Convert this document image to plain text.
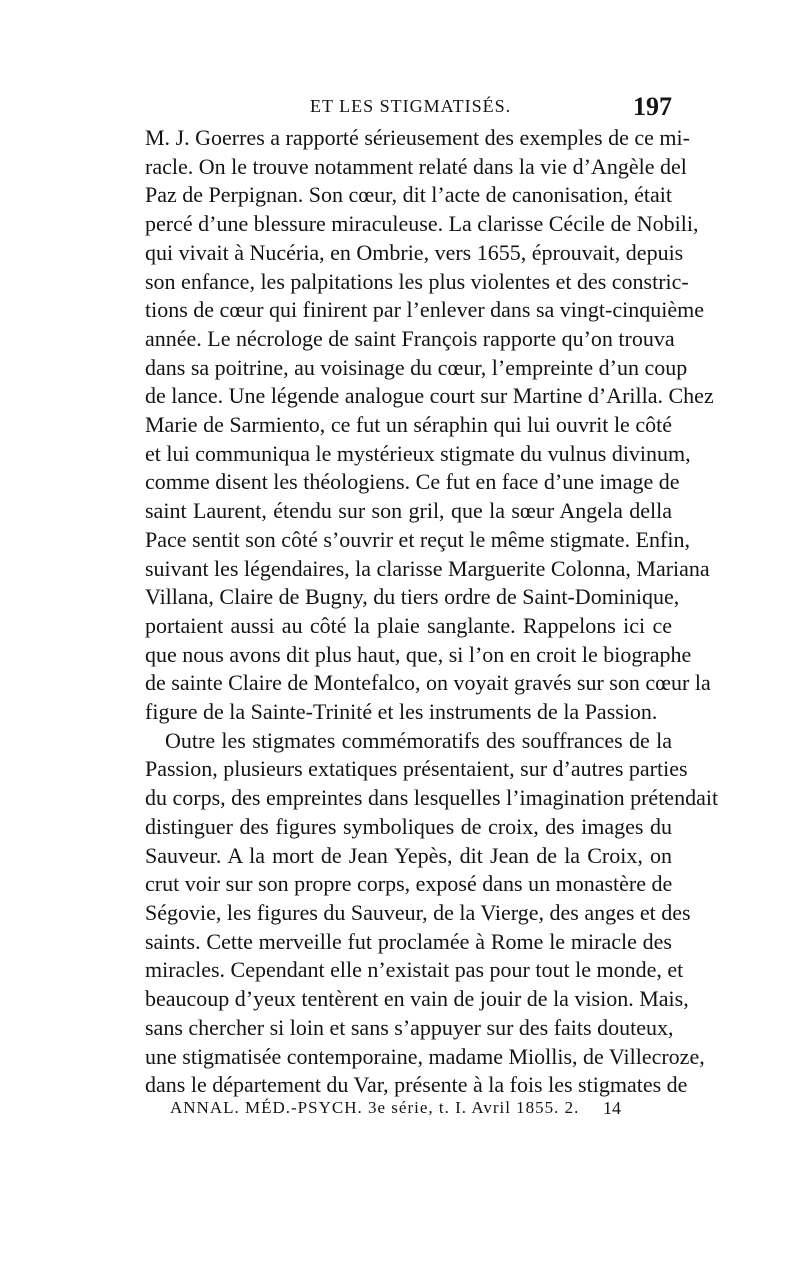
ET LES STIGMATISÉS.	197
M. J. Goerres a rapporté sérieusement des exemples de ce mi-
racle. On le trouve notamment relaté dans la vie d’Angèle del
Paz de Perpignan. Son cœur, dit l’acte de canonisation, était
percé d’une blessure miraculeuse. La clarisse Cécile de Nobili,
qui vivait à Nucéria, en Ombrie, vers 1655, éprouvait, depuis
son enfance, les palpitations les plus violentes et des constric-
tions de cœur qui finirent par l’enlever dans sa vingt-cinquième
année. Le nécrologe de saint François rapporte qu’on trouva
dans sa poitrine, au voisinage du cœur, l’empreinte d’un coup
de lance. Une légende analogue court sur Martine d’Arilla. Chez
Marie de Sarmiento, ce fut un séraphin qui lui ouvrit le côté
et lui communiqua le mystérieux stigmate du vulnus divinum,
comme disent les théologiens. Ce fut en face d’une image de
saint Laurent, étendu sur son gril, que la sœur Angela della
Pace sentit son côté s’ouvrir et reçut le même stigmate. Enfin,
suivant les légendaires, la clarisse Marguerite Colonna, Mariana
Villana, Claire de Bugny, du tiers ordre de Saint-Dominique,
portaient aussi au côté la plaie sanglante. Rappelons ici ce
que nous avons dit plus haut, que, si l’on en croit le biographe
de sainte Claire de Montefalco, on voyait gravés sur son cœur la
figure de la Sainte-Trinité et les instruments de la Passion.
Outre les stigmates commémoratifs des souffrances de la
Passion, plusieurs extatiques présentaient, sur d’autres parties
du corps, des empreintes dans lesquelles l’imagination prétendait
distinguer des figures symboliques de croix, des images du
Sauveur. A la mort de Jean Yepès, dit Jean de la Croix, on
crut voir sur son propre corps, exposé dans un monastère de
Ségovie, les figures du Sauveur, de la Vierge, des anges et des
saints. Cette merveille fut proclamée à Rome le miracle des
miracles. Cependant elle n’existait pas pour tout le monde, et
beaucoup d’yeux tentèrent en vain de jouir de la vision. Mais,
sans chercher si loin et sans s’appuyer sur des faits douteux,
une stigmatisée contemporaine, madame Miollis, de Villecroze,
dans le département du Var, présente à la fois les stigmates de
ANNAL. MÉD.-PSYCH. 3e série, t. I. Avril 1855. 2. 14
